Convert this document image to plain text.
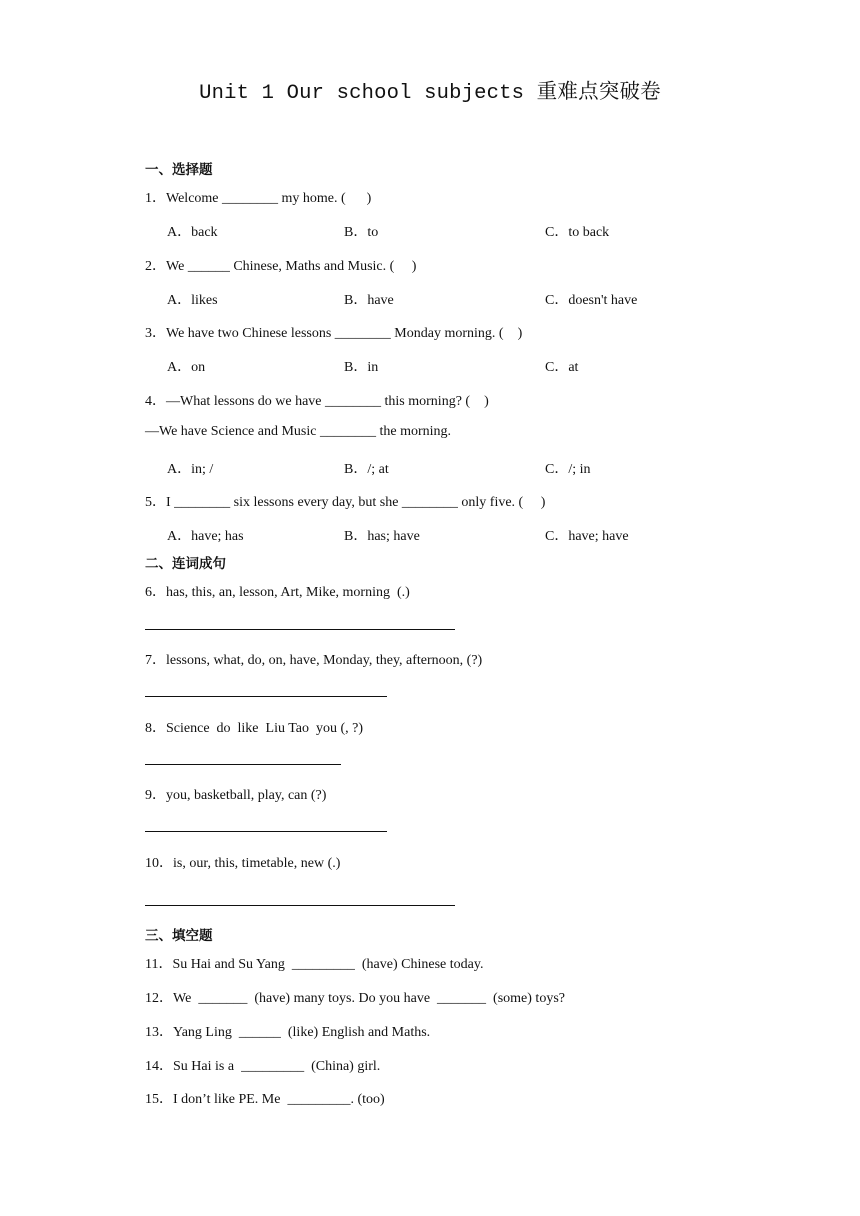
Unit 1 Our school subjects 重难点突破卷
一、选择题
1．Welcome ________ my home. (      )
A．back	B．to	C．to back
2．We ______ Chinese, Maths and Music. (     )
A．likes	B．have	C．doesn't have
3．We have two Chinese lessons ________ Monday morning. (    )
A．on	B．in	C．at
4．—What lessons do we have ________ this morning? (    )
—We have Science and Music ________ the morning.
A．in; /	B．/; at	C．/; in
5．I ________ six lessons every day, but she ________ only five. (     )
A．have; has	B．has; have	C．have; have
二、连词成句
6．has, this, an, lesson, Art, Mike, morning  (.)
7．lessons, what, do, on, have, Monday, they, afternoon, (?)
8．Science  do  like  Liu Tao  you (, ?)
9．you, basketball, play, can (?)
10．is, our, this, timetable, new (.)
三、填空题
11．Su Hai and Su Yang  _________  (have) Chinese today.
12．We  _______  (have) many toys. Do you have  _______  (some) toys?
13．Yang Ling  ______  (like) English and Maths.
14．Su Hai is a  _________  (China) girl.
15．I don’t like PE. Me  _________. (too)
